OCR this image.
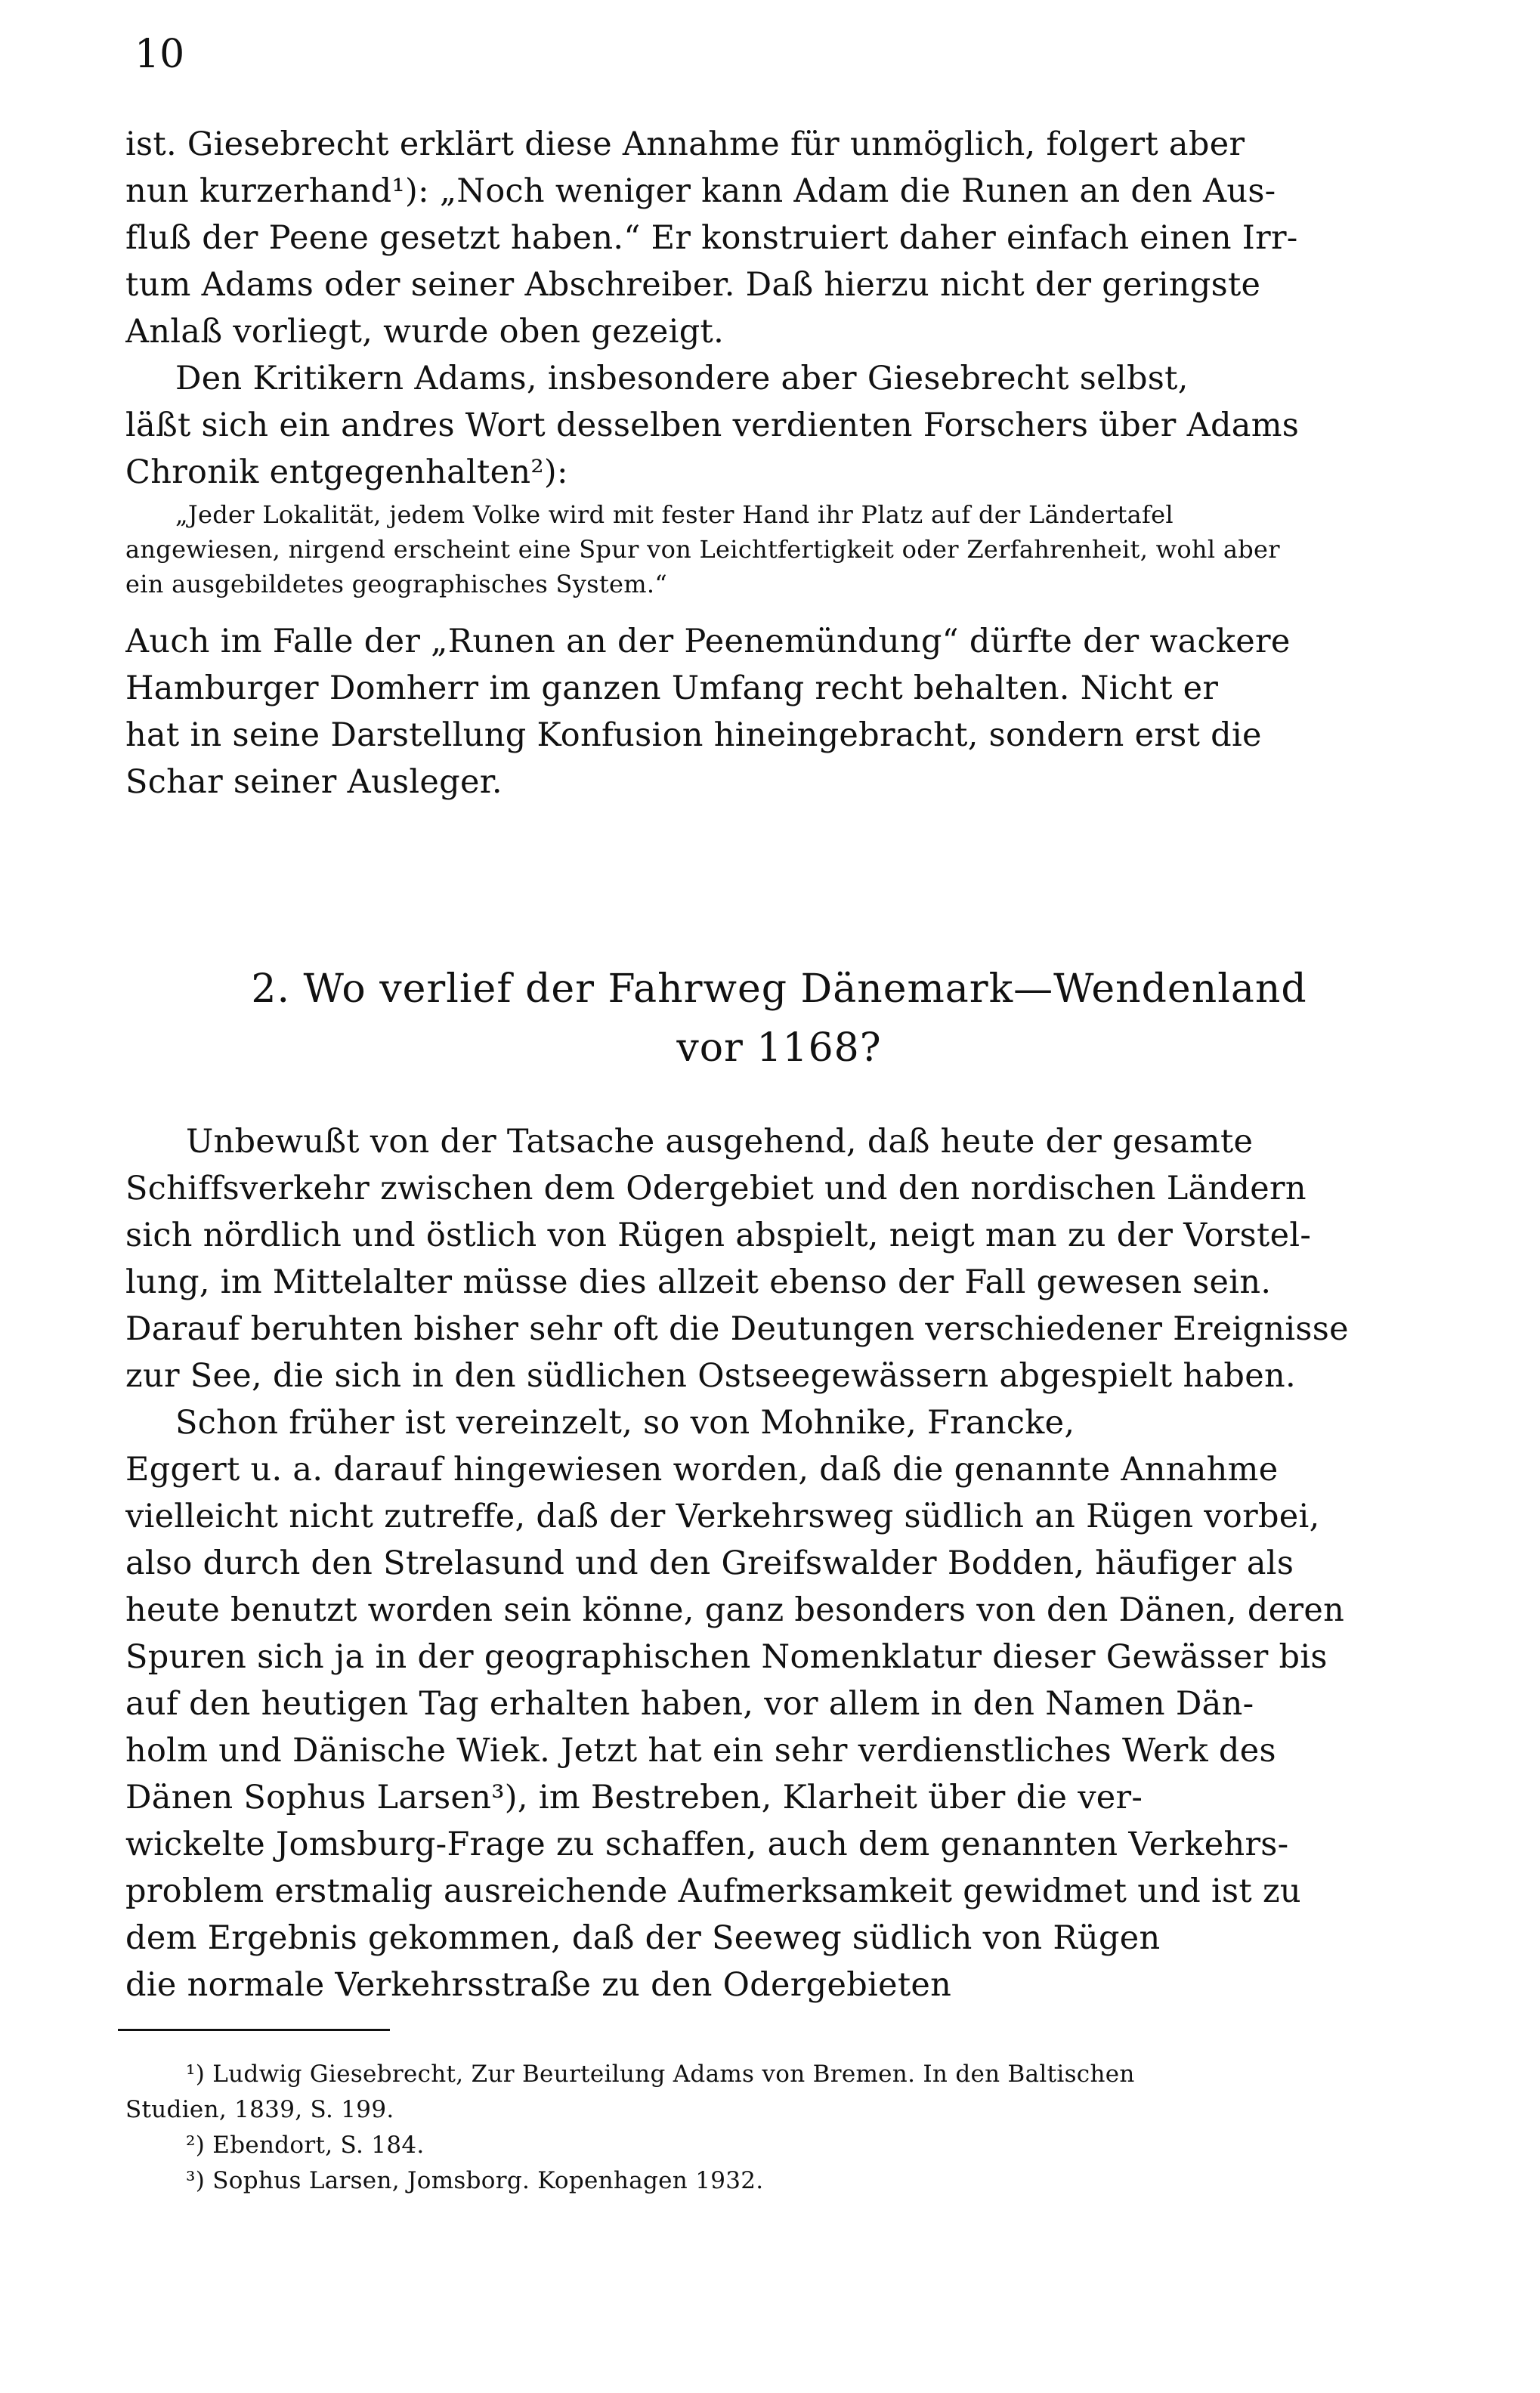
10
ist. Giesebrecht erklärt diese Annahme für unmöglich, folgert aber
nun kurzerhand¹): „Noch weniger kann Adam die Runen an den Aus-
fluß der Peene gesetzt haben.“ Er konstruiert daher einfach einen Irr-
tum Adams oder seiner Abschreiber. Daß hierzu nicht der geringste
Anlaß vorliegt, wurde oben gezeigt.
Den Kritikern Adams, insbesondere aber Giesebrecht selbst,
läßt sich ein andres Wort desselben verdienten Forschers über Adams
Chronik entgegenhalten²):
„Jeder Lokalität, jedem Volke wird mit fester Hand ihr Platz auf der Ländertafel
angewiesen, nirgend erscheint eine Spur von Leichtfertigkeit oder Zerfahrenheit, wohl aber
ein ausgebildetes geographisches System.“
Auch im Falle der „Runen an der Peenemündung“ dürfte der wackere
Hamburger Domherr im ganzen Umfang recht behalten. Nicht er
hat in seine Darstellung Konfusion hineingebracht, sondern erst die
Schar seiner Ausleger.
2. Wo verlief der Fahrweg Dänemark—Wendenland
vor 1168?
Unbewußt von der Tatsache ausgehend, daß heute der gesamte
Schiffsverkehr zwischen dem Odergebiet und den nordischen Ländern
sich nördlich und östlich von Rügen abspielt, neigt man zu der Vorstel-
lung, im Mittelalter müsse dies allzeit ebenso der Fall gewesen sein.
Darauf beruhten bisher sehr oft die Deutungen verschiedener Ereignisse
zur See, die sich in den südlichen Ostseegewässern abgespielt haben.
Schon früher ist vereinzelt, so von Mohnike, Francke,
Eggert u. a. darauf hingewiesen worden, daß die genannte Annahme
vielleicht nicht zutreffe, daß der Verkehrsweg südlich an Rügen vorbei,
also durch den Strelasund und den Greifswalder Bodden, häufiger als
heute benutzt worden sein könne, ganz besonders von den Dänen, deren
Spuren sich ja in der geographischen Nomenklatur dieser Gewässer bis
auf den heutigen Tag erhalten haben, vor allem in den Namen Dän-
holm und Dänische Wiek. Jetzt hat ein sehr verdienstliches Werk des
Dänen Sophus Larsen³), im Bestreben, Klarheit über die ver-
wickelte Jomsburg-Frage zu schaffen, auch dem genannten Verkehrs-
problem erstmalig ausreichende Aufmerksamkeit gewidmet und ist zu
dem Ergebnis gekommen, daß der Seeweg südlich von Rügen
die normale Verkehrsstraße zu den Odergebieten
¹) Ludwig Giesebrecht, Zur Beurteilung Adams von Bremen. In den Baltischen
Studien, 1839, S. 199.
²) Ebendort, S. 184.
³) Sophus Larsen, Jomsborg. Kopenhagen 1932.
